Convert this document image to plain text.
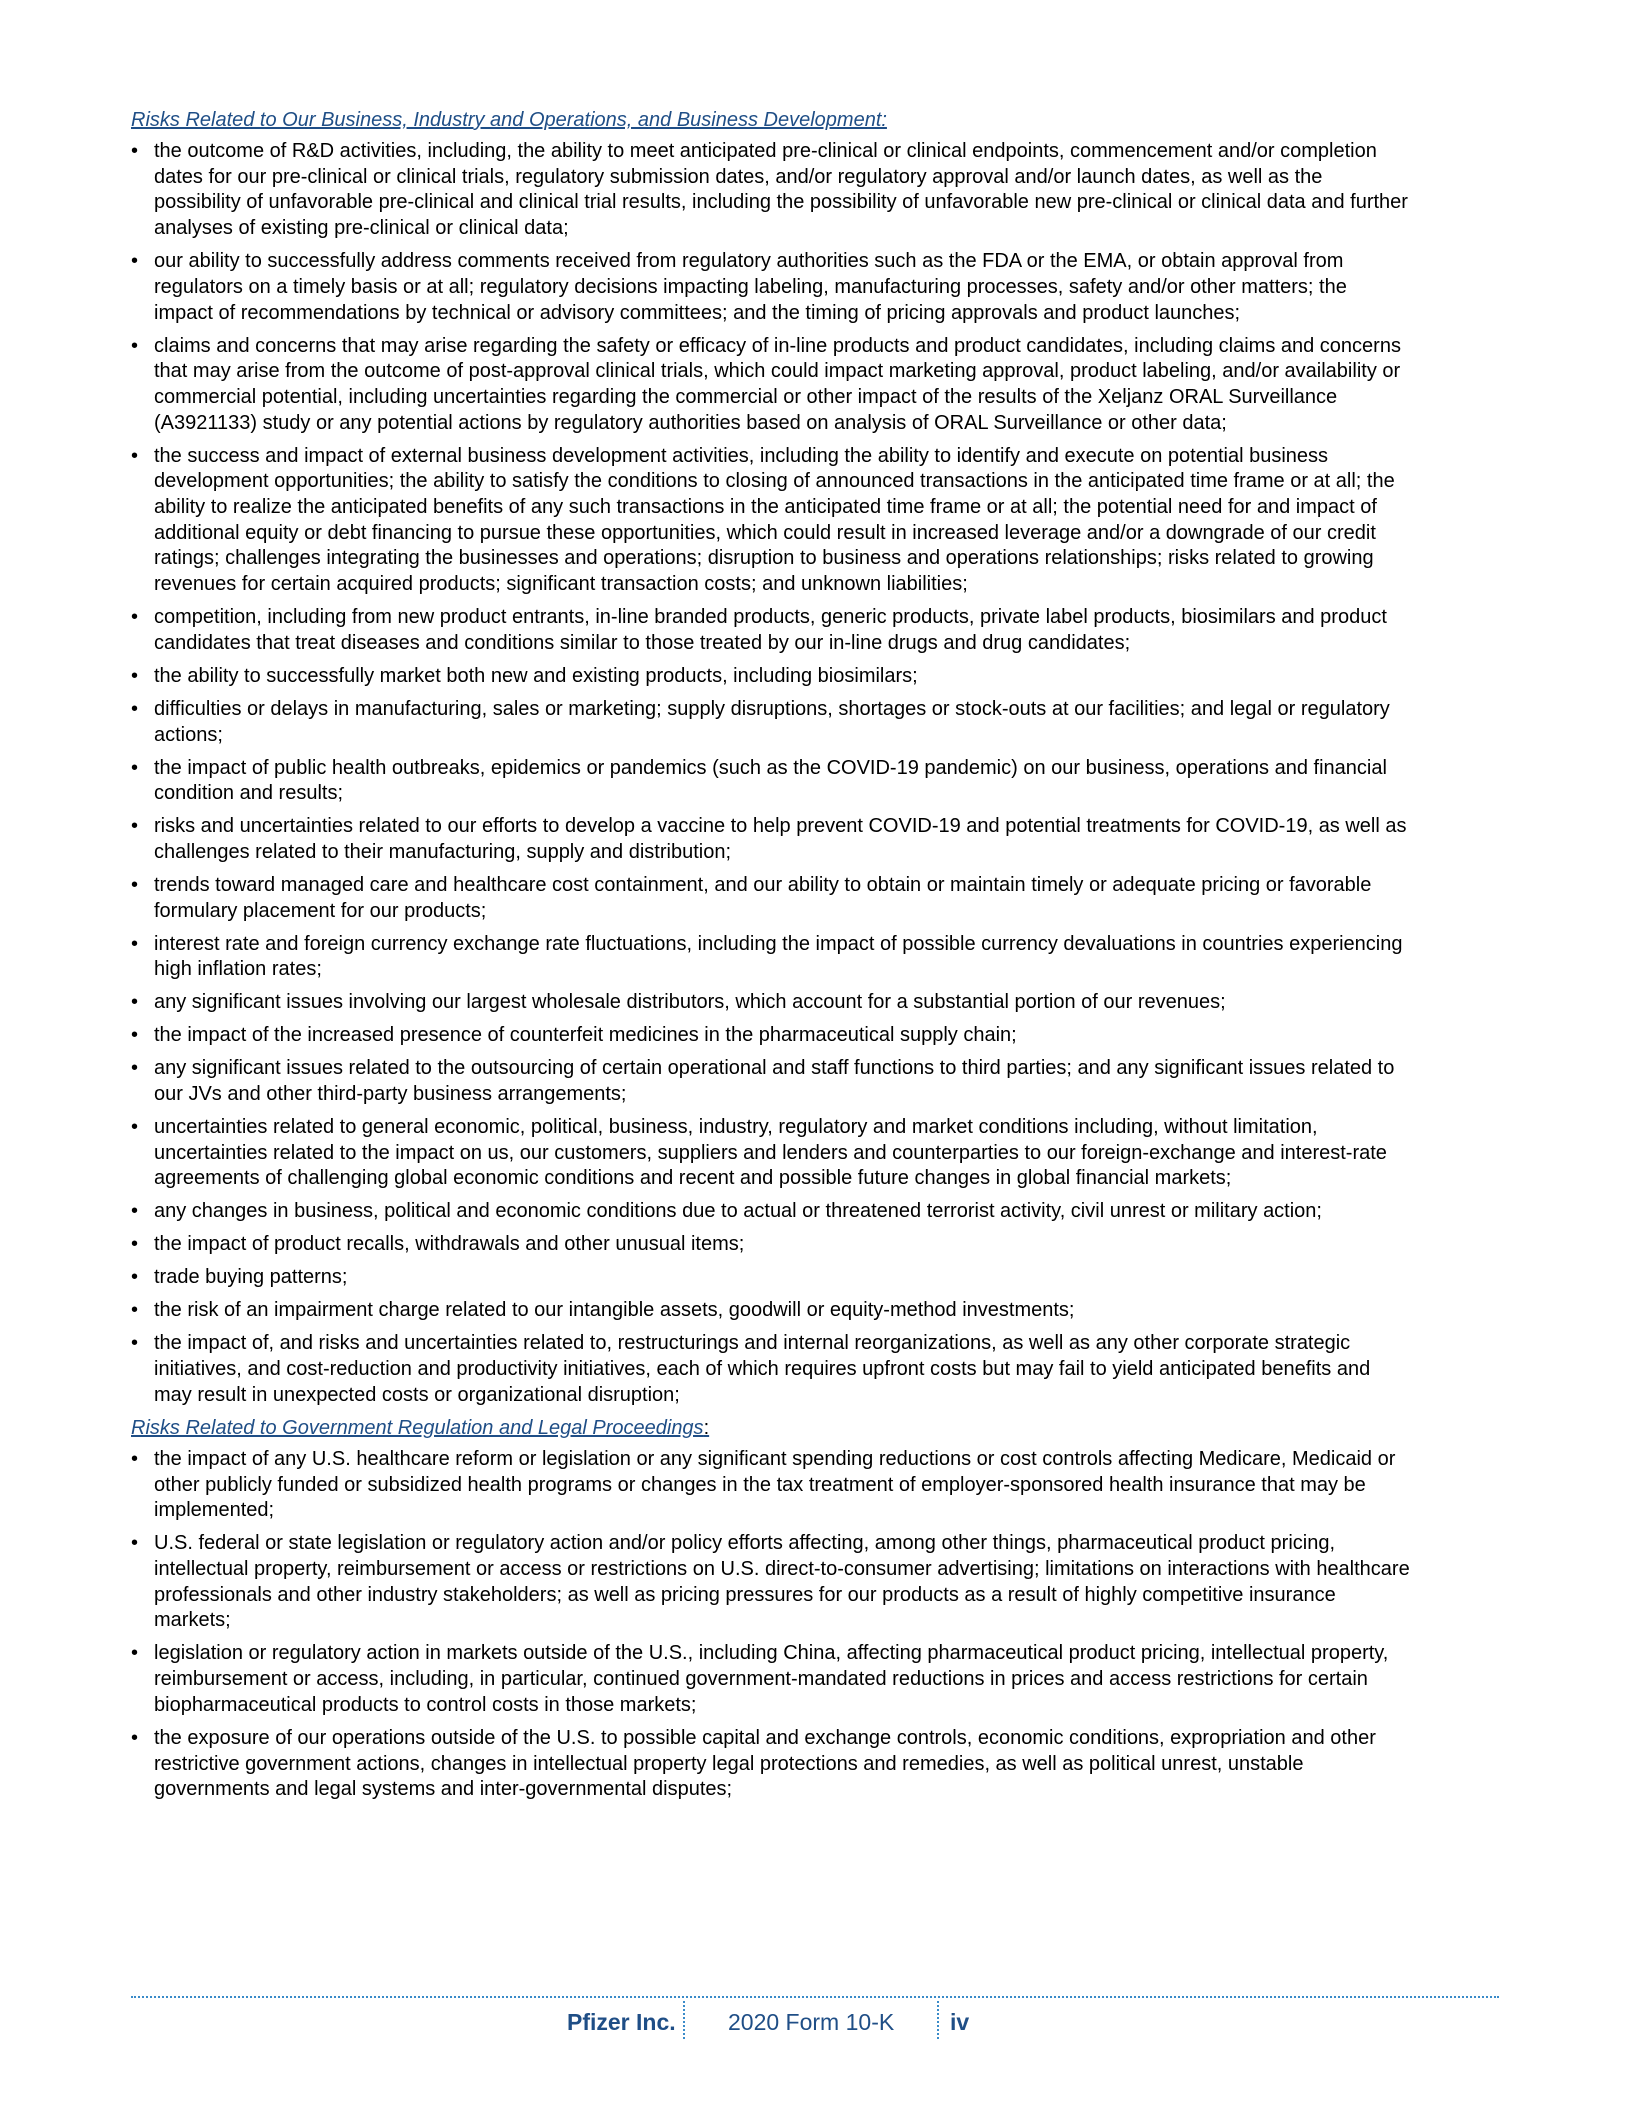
Risks Related to Our Business, Industry and Operations, and Business Development:
• the outcome of R&D activities, including, the ability to meet anticipated pre-clinical or clinical endpoints, commencement and/or completion dates for our pre-clinical or clinical trials, regulatory submission dates, and/or regulatory approval and/or launch dates, as well as the possibility of unfavorable pre-clinical and clinical trial results, including the possibility of unfavorable new pre-clinical or clinical data and further analyses of existing pre-clinical or clinical data;
• our ability to successfully address comments received from regulatory authorities such as the FDA or the EMA, or obtain approval from regulators on a timely basis or at all; regulatory decisions impacting labeling, manufacturing processes, safety and/or other matters; the impact of recommendations by technical or advisory committees; and the timing of pricing approvals and product launches;
• claims and concerns that may arise regarding the safety or efficacy of in-line products and product candidates, including claims and concerns that may arise from the outcome of post-approval clinical trials, which could impact marketing approval, product labeling, and/or availability or commercial potential, including uncertainties regarding the commercial or other impact of the results of the Xeljanz ORAL Surveillance (A3921133) study or any potential actions by regulatory authorities based on analysis of ORAL Surveillance or other data;
• the success and impact of external business development activities, including the ability to identify and execute on potential business development opportunities; the ability to satisfy the conditions to closing of announced transactions in the anticipated time frame or at all; the ability to realize the anticipated benefits of any such transactions in the anticipated time frame or at all; the potential need for and impact of additional equity or debt financing to pursue these opportunities, which could result in increased leverage and/or a downgrade of our credit ratings; challenges integrating the businesses and operations; disruption to business and operations relationships; risks related to growing revenues for certain acquired products; significant transaction costs; and unknown liabilities;
• competition, including from new product entrants, in-line branded products, generic products, private label products, biosimilars and product candidates that treat diseases and conditions similar to those treated by our in-line drugs and drug candidates;
• the ability to successfully market both new and existing products, including biosimilars;
• difficulties or delays in manufacturing, sales or marketing; supply disruptions, shortages or stock-outs at our facilities; and legal or regulatory actions;
• the impact of public health outbreaks, epidemics or pandemics (such as the COVID-19 pandemic) on our business, operations and financial condition and results;
• risks and uncertainties related to our efforts to develop a vaccine to help prevent COVID-19 and potential treatments for COVID-19, as well as challenges related to their manufacturing, supply and distribution;
• trends toward managed care and healthcare cost containment, and our ability to obtain or maintain timely or adequate pricing or favorable formulary placement for our products;
• interest rate and foreign currency exchange rate fluctuations, including the impact of possible currency devaluations in countries experiencing high inflation rates;
• any significant issues involving our largest wholesale distributors, which account for a substantial portion of our revenues;
• the impact of the increased presence of counterfeit medicines in the pharmaceutical supply chain;
• any significant issues related to the outsourcing of certain operational and staff functions to third parties; and any significant issues related to our JVs and other third-party business arrangements;
• uncertainties related to general economic, political, business, industry, regulatory and market conditions including, without limitation, uncertainties related to the impact on us, our customers, suppliers and lenders and counterparties to our foreign-exchange and interest-rate agreements of challenging global economic conditions and recent and possible future changes in global financial markets;
• any changes in business, political and economic conditions due to actual or threatened terrorist activity, civil unrest or military action;
• the impact of product recalls, withdrawals and other unusual items;
• trade buying patterns;
• the risk of an impairment charge related to our intangible assets, goodwill or equity-method investments;
• the impact of, and risks and uncertainties related to, restructurings and internal reorganizations, as well as any other corporate strategic initiatives, and cost-reduction and productivity initiatives, each of which requires upfront costs but may fail to yield anticipated benefits and may result in unexpected costs or organizational disruption;
Risks Related to Government Regulation and Legal Proceedings:
• the impact of any U.S. healthcare reform or legislation or any significant spending reductions or cost controls affecting Medicare, Medicaid or other publicly funded or subsidized health programs or changes in the tax treatment of employer-sponsored health insurance that may be implemented;
• U.S. federal or state legislation or regulatory action and/or policy efforts affecting, among other things, pharmaceutical product pricing, intellectual property, reimbursement or access or restrictions on U.S. direct-to-consumer advertising; limitations on interactions with healthcare professionals and other industry stakeholders; as well as pricing pressures for our products as a result of highly competitive insurance markets;
• legislation or regulatory action in markets outside of the U.S., including China, affecting pharmaceutical product pricing, intellectual property, reimbursement or access, including, in particular, continued government-mandated reductions in prices and access restrictions for certain biopharmaceutical products to control costs in those markets;
• the exposure of our operations outside of the U.S. to possible capital and exchange controls, economic conditions, expropriation and other restrictive government actions, changes in intellectual property legal protections and remedies, as well as political unrest, unstable governments and legal systems and inter-governmental disputes;
Pfizer Inc. 2020 Form 10-K iv
